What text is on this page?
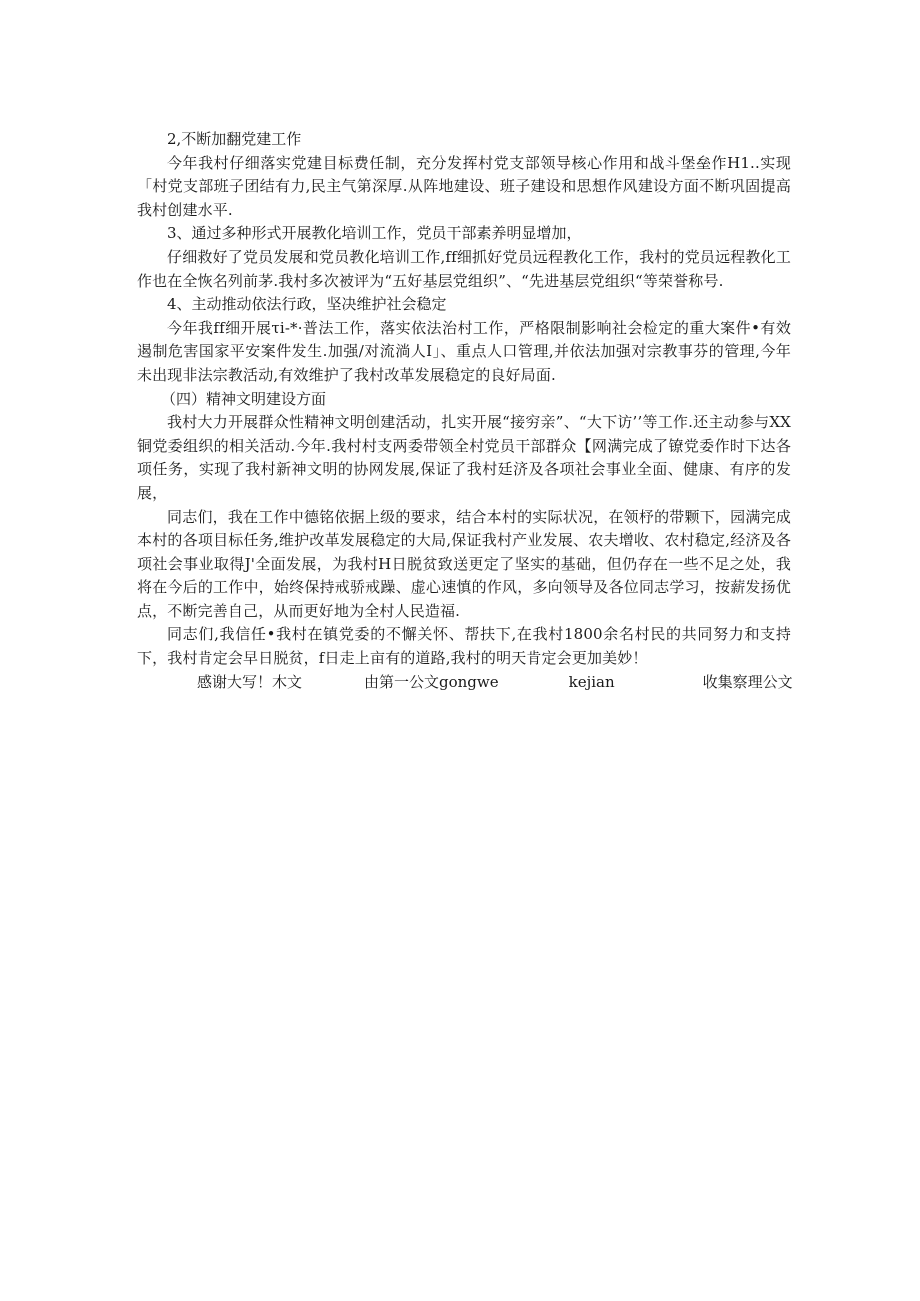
2,不断加翻党建工作

今年我村仔细落实党建目标费任制，充分发挥村党支部领导核心作用和战斗堡垒作H1..实现「村党支部班子团结有力,民主气第深厚.从阵地建设、班子建设和思想作风建设方面不断巩固提高我村创建水平.

3、通过多种形式开展教化培训工作，党员干部素养明显增加，

仔细救好了党员发展和党员教化培训工作,ff细抓好党员远程教化工作，我村的党员远程教化工作也在全恢名列前茅.我村多次被评为“五好基层党组织”、“先进基层党组织“等荣誉称号.

4、主动推动依法行政，坚决维护社会稳定

今年我ff细开展τi-*·普法工作，落实依法治村工作，严格限制影响社会检定的重大案件•有效遏制危害国家平安案件发生.加强/对流淌人I」、重点人口管理,并依法加强对宗教事芬的管理,今年未出现非法宗教活动,有效维护了我村改革发展稳定的良好局面.

（四）精神文明建设方面

我村大力开展群众性精神文明创建活动，扎实开展“接穷亲”、“大下访’’等工作.还主动参与XX铜党委组织的相关活动.今年.我村村支两委带领全村党员干部群众【网满完成了镣党委作时下达各项任务，实现了我村新神文明的协网发展,保证了我村廷济及各项社会事业全面、健康、有序的发展，

同志们，我在工作中德铭依据上级的要求，结合本村的实际状况，在领杼的带颗下，园满完成本村的各项目标任务,维护改革发展稳定的大局,保证我村产业发展、农夫增收、农村稳定,经济及各项社会事业取得J'全面发展，为我村H日脱贫致送更定了坚实的基础，但仍存在一些不足之处，我将在今后的工作中，始终保持戒骄戒躁、虚心速慎的作风，多向领导及各位同志学习，按薪发扬优点，不断完善自己，从而更好地为全村人民造福.

同志们,我信任•我村在镇党委的不懈关怀、帮扶下,在我村1800余名村民的共同努力和支持下，我村肯定会早日脱贫，f日走上亩有的道路,我村的明天肯定会更加美妙！

感谢大写！木文	由第一公文gongwe	kejian	收集察理公文
